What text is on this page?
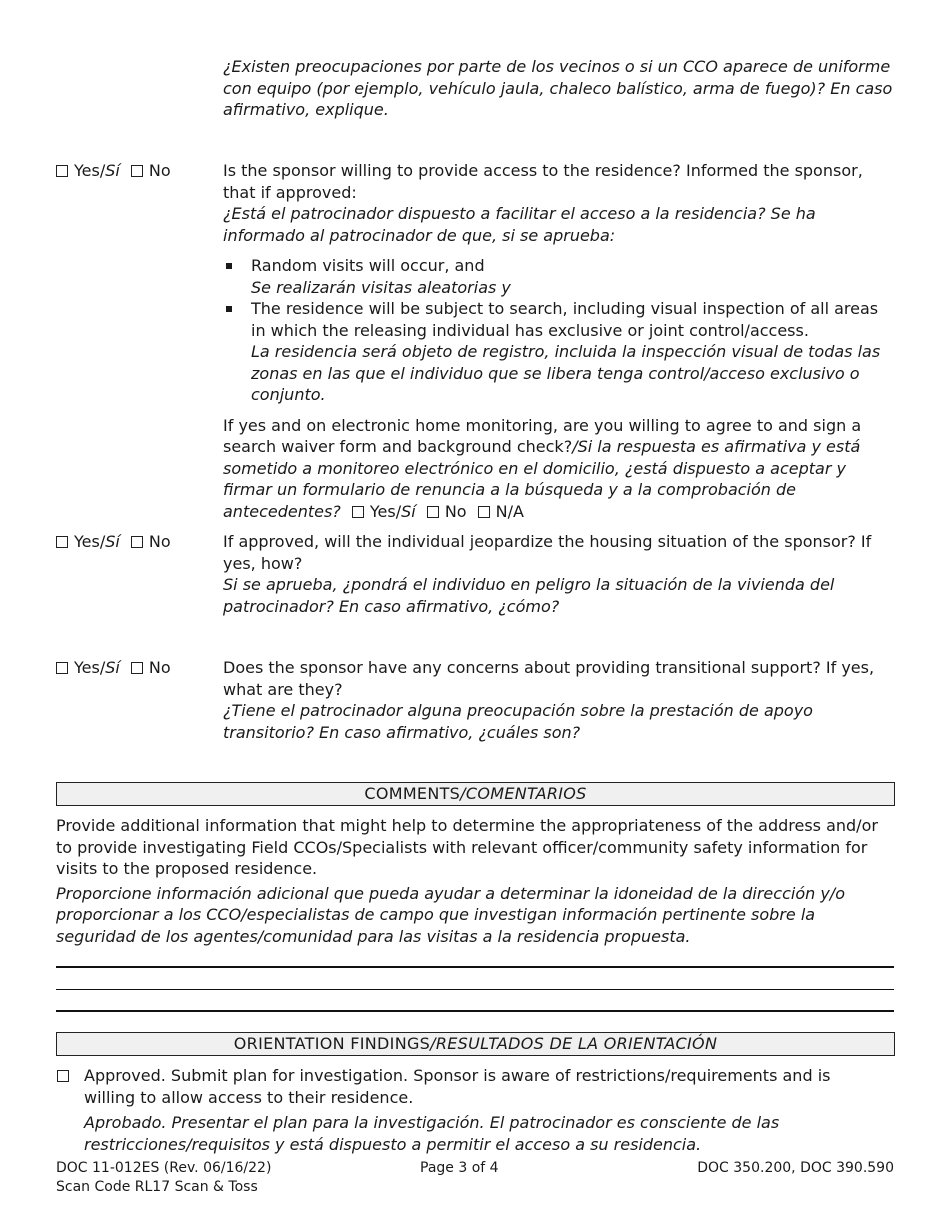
¿Existen preocupaciones por parte de los vecinos o si un CCO aparece de uniforme con equipo (por ejemplo, vehículo jaula, chaleco balístico, arma de fuego)? En caso afirmativo, explique.
Yes/Sí No	Is the sponsor willing to provide access to the residence? Informed the sponsor, that if approved:
¿Está el patrocinador dispuesto a facilitar el acceso a la residencia? Se ha informado al patrocinador de que, si se aprueba:
Random visits will occur, and
Se realizarán visitas aleatorias y
The residence will be subject to search, including visual inspection of all areas in which the releasing individual has exclusive or joint control/access.
La residencia será objeto de registro, incluida la inspección visual de todas las zonas en las que el individuo que se libera tenga control/acceso exclusivo o conjunto.
If yes and on electronic home monitoring, are you willing to agree to and sign a search waiver form and background check?/Si la respuesta es afirmativa y está sometido a monitoreo electrónico en el domicilio, ¿está dispuesto a aceptar y firmar un formulario de renuncia a la búsqueda y a la comprobación de antecedentes? Yes/Sí No N/A
Yes/Sí No	If approved, will the individual jeopardize the housing situation of the sponsor? If yes, how?
Si se aprueba, ¿pondrá el individuo en peligro la situación de la vivienda del patrocinador? En caso afirmativo, ¿cómo?
Yes/Sí No	Does the sponsor have any concerns about providing transitional support? If yes, what are they?
¿Tiene el patrocinador alguna preocupación sobre la prestación de apoyo transitorio? En caso afirmativo, ¿cuáles son?
COMMENTS/COMENTARIOS
Provide additional information that might help to determine the appropriateness of the address and/or to provide investigating Field CCOs/Specialists with relevant officer/community safety information for visits to the proposed residence.
Proporcione información adicional que pueda ayudar a determinar la idoneidad de la dirección y/o proporcionar a los CCO/especialistas de campo que investigan información pertinente sobre la seguridad de los agentes/comunidad para las visitas a la residencia propuesta.
ORIENTATION FINDINGS/RESULTADOS DE LA ORIENTACIÓN
Approved. Submit plan for investigation. Sponsor is aware of restrictions/requirements and is willing to allow access to their residence.
Aprobado. Presentar el plan para la investigación. El patrocinador es consciente de las restricciones/requisitos y está dispuesto a permitir el acceso a su residencia.
DOC 11-012ES (Rev. 06/16/22)
Scan Code RL17 Scan & Toss
Page 3 of 4	DOC 350.200, DOC 390.590
